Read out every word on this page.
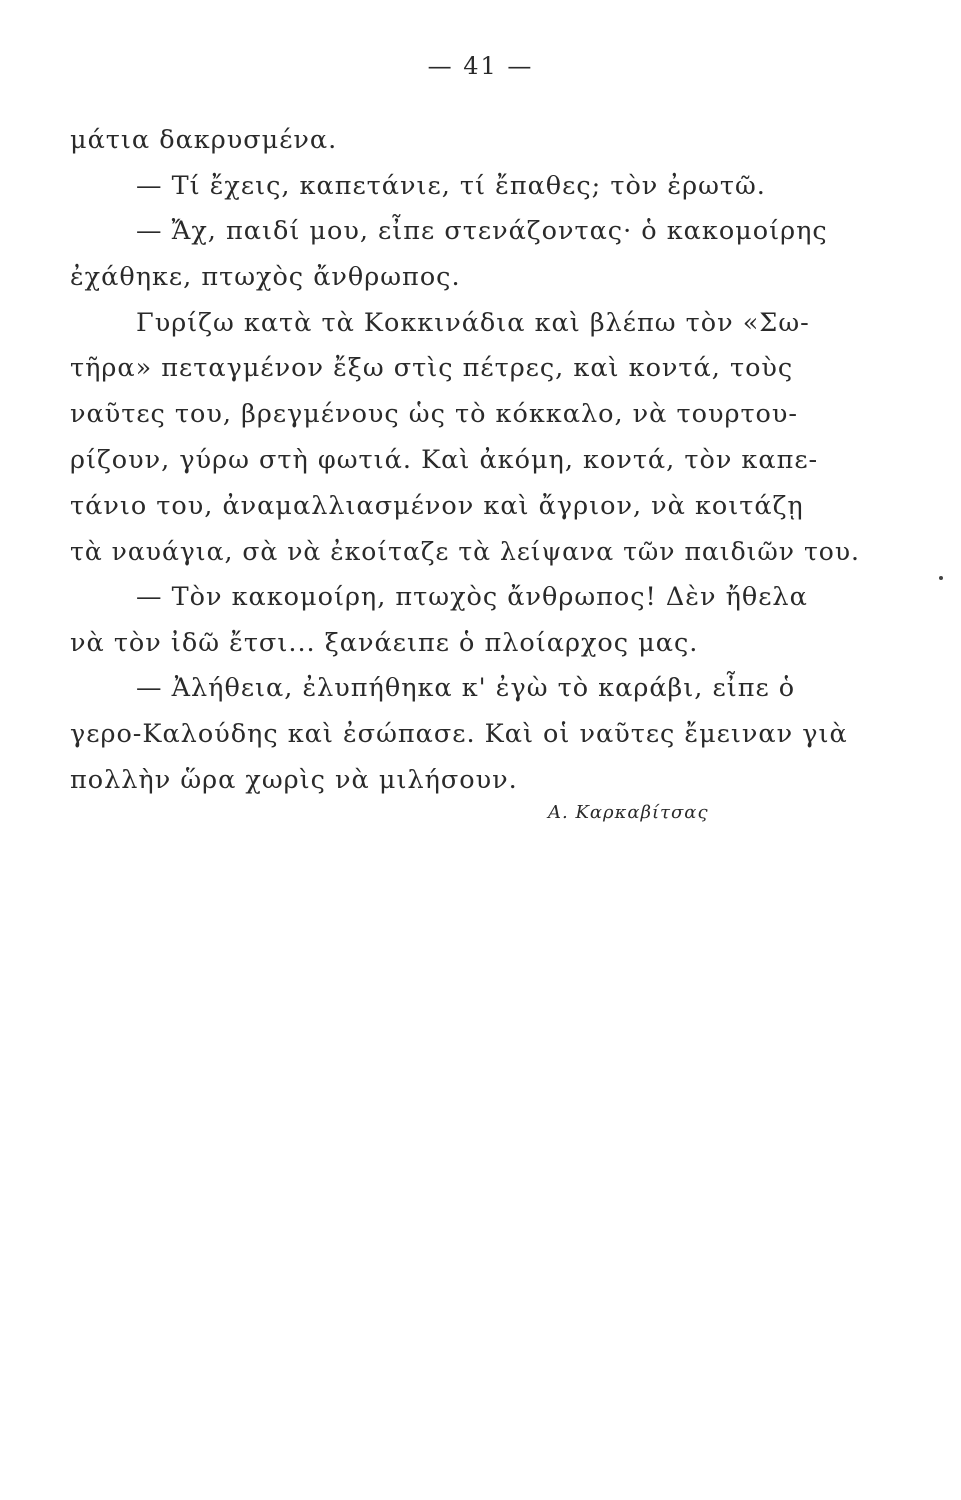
— 41 —
μάτια δακρυσμένα.
— Τί ἔχεις, καπετάνιε, τί ἔπαθες; τὸν ἐρωτῶ.
— Ἄχ, παιδί μου, εἶπε στενάζοντας· ὁ κακομοίρης
ἐχάθηκε, πτωχὸς ἄνθρωπος.
Γυρίζω κατὰ τὰ Κοκκινάδια καὶ βλέπω τὸν «Σω-
τῆρα» πεταγμένον ἔξω στὶς πέτρες, καὶ κοντά, τοὺς
ναῦτες του, βρεγμένους ὡς τὸ κόκκαλο, νὰ τουρτου-
ρίζουν, γύρω στὴ φωτιά. Καὶ ἀκόμη, κοντά, τὸν καπε-
τάνιο του, ἀναμαλλιασμένον καὶ ἄγριον, νὰ κοιτάζῃ
τὰ ναυάγια, σὰ νὰ ἐκοίταζε τὰ λείψανα τῶν παιδιῶν του.
— Τὸν κακομοίρη, πτωχὸς ἄνθρωπος! Δὲν ἤθελα
νὰ τὸν ἰδῶ ἔτσι... ξανάειπε ὁ πλοίαρχος μας.
— Ἀλήθεια, ἐλυπήθηκα κ' ἐγὼ τὸ καράβι, εἶπε ὁ
γερο-Καλούδης καὶ ἐσώπασε. Καὶ οἱ ναῦτες ἔμειναν γιὰ
πολλὴν ὥρα χωρὶς νὰ μιλήσουν.
Α. Καρκαβίτσας
